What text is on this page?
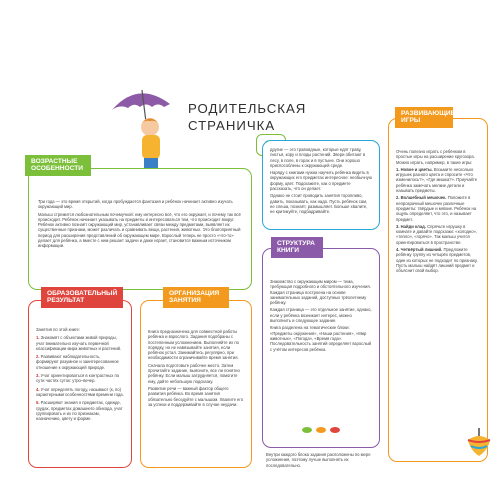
РОДИТЕЛЬСКАЯ
СТРАНИЧКА
ВОЗРАСТНЫЕ ОСОБЕННОСТИ

Три года — это время открытий, когда пробуждается фантазия и ребёнок начинает активно изучать окружающий мир.

Малыш стремится любознательным почемучкой: ему интересно всё, что его окружает, и почему так всё происходит. Ребёнок начинает указывать на предметы и интересоваться тем, что происходит вокруг. Ребёнок активно познаёт окружающий мир, устанавливает связи между предметами, выявляет их существенные признаки, может различать и сравнивать вещи, растения, животных. Это благоприятный период для расширения представлений об окружающем мире. Взрослый теперь не просто «что-то» делает для ребёнка, а вместе с ним решает задачи и даже играет, становится важным источником информации.

ОБРАЗОВАТЕЛЬНЫЙ РЕЗУЛЬТАТ
Занятия по этой книге:
1. Знакомят с объектами живой природы, учат внимательно изучать первичной классификации мира животных и растений.
2. Развивают наблюдательность, формируют разумное и заинтересованное отношение к окружающей природе.
3. Учат ориентироваться в контрастных по сути частях суток: утро–вечер.
4. Учат определять погоду, называют (к, по) характерными особенностями времени года.
5. Расширяют знания о предметах, одежде, грудах, предметах домашнего обихода, учат группировать и их по признакам, назначению, цвету и форме.
ОРГАНИЗАЦИЯ ЗАНЯТИЯ

Книга предназначена для совместной работы ребёнка и взрослого. Задания подобраны с постепенным усложнением. Выполняйте их по порядку, но не навязывайте занятия, если ребёнок устал. Занимайтесь регулярно, при необходимости ограничивайте время занятия.

Сначала подготовьте рабочее место. Затем прочитайте задание, выясните, все ли понятно ребёнку. Если малыш затрудняется, помогите ему, дайте небольшую подсказку.

Развитие речи — важный фактор общего развития ребёнка. Во время занятия обязательно беседуйте с малышом. Хвалите его за успехи и поддерживайте в случае неудачи.

другие — это травоядные, которые едят траву, листья, кору и плоды растений. Звери обитают в лесу, в поле, в горах и в пустыне. Они хорошо приспособлены к окружающей среде.

Наряду с книгами нужна научить ребёнка видеть в окружающих его предметах интересное: необычную форму, цвет. Подскажите, как о предмете рассказать, что он делает.

Однако не стоит проводить занятия торопливо, давить, показывать, как надо. Пусть ребёнок сам, не спеша, познаёт, размышляет. Больше хвалите, не критикуйте, подбадривайте.

СТРУКТУРА КНИГИ

Знакомство с окружающим миром — тема, требующая подробного и обстоятельного изучения. Каждая страница построена на основе занимательных заданий, доступных трёхлетнему ребёнку.

Каждая страница — это отдельное занятие, однако, если у ребёнка возникает интерес, можно выполнить и следующее задание.

Книга разделена на тематические блоки: «Предметы окружения», «Наши растения», «Мир животных», «Погода», «Время года». Последовательность занятий определяет взрослый с учётом интересов ребёнка.

Внутри каждого блока задания расположены по мере усложнения, поэтому лучше выполнять их последовательно.
РАЗВИВАЮЩИЕ ИГРЫ

Очень полезно играть с ребёнком в простые игры на расширение кругозора. Можно играть, например, в такие игры:

1. Новое и цветы. Возьмите несколько игрушек разного цвета и спросите «Что изменилось?», «Где мишка?». Приучайте ребёнка замечать мелкие детали и называть предметы.

2. Волшебный мешочек. Положите в непрозрачный мешочек различные предметы: твёрдые и мягкие. Ребёнок на ощупь определяет, что это, и называет предмет.

3. Найди клад. Спрячьте игрушку в комнате и давайте подсказки: «холодно», «тепло», «горячо». Так малыш учится ориентироваться в пространстве.

4. Четвёртый лишний. Предложите ребёнку группу из четырёх предметов, один из которых не подходит по признаку. Пусть малыш найдёт лишний предмет и объяснит свой выбор.
